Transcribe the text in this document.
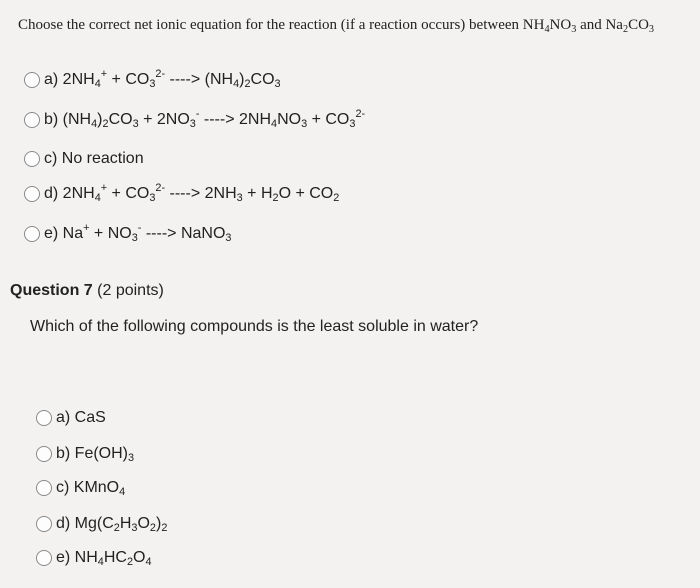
Choose the correct net ionic equation for the reaction (if a reaction occurs) between $NH_4NO_3$ and $Na_2CO_3$
a) $2NH_4^+ + CO_3^{2-}$ ----> $(NH_4)_2CO_3$
b) $(NH_4)_2CO_3 + 2NO_3^-$ ----> $2NH_4NO_3 + CO_3^{2-}$
c) No reaction
d) $2NH_4^+ + CO_3^{2-}$ ----> $2NH_3 + H_2O + CO_2$
e) $Na^+ + NO_3^-$ ----> NaNO$_3$
Question 7 (2 points)
Which of the following compounds is the least soluble in water?
a) CaS
b) $Fe(OH)_3$
c) KMnO$_4$
d) $Mg(C_2H_3O_2)_2$
e) $NH_4HC_2O_4$
